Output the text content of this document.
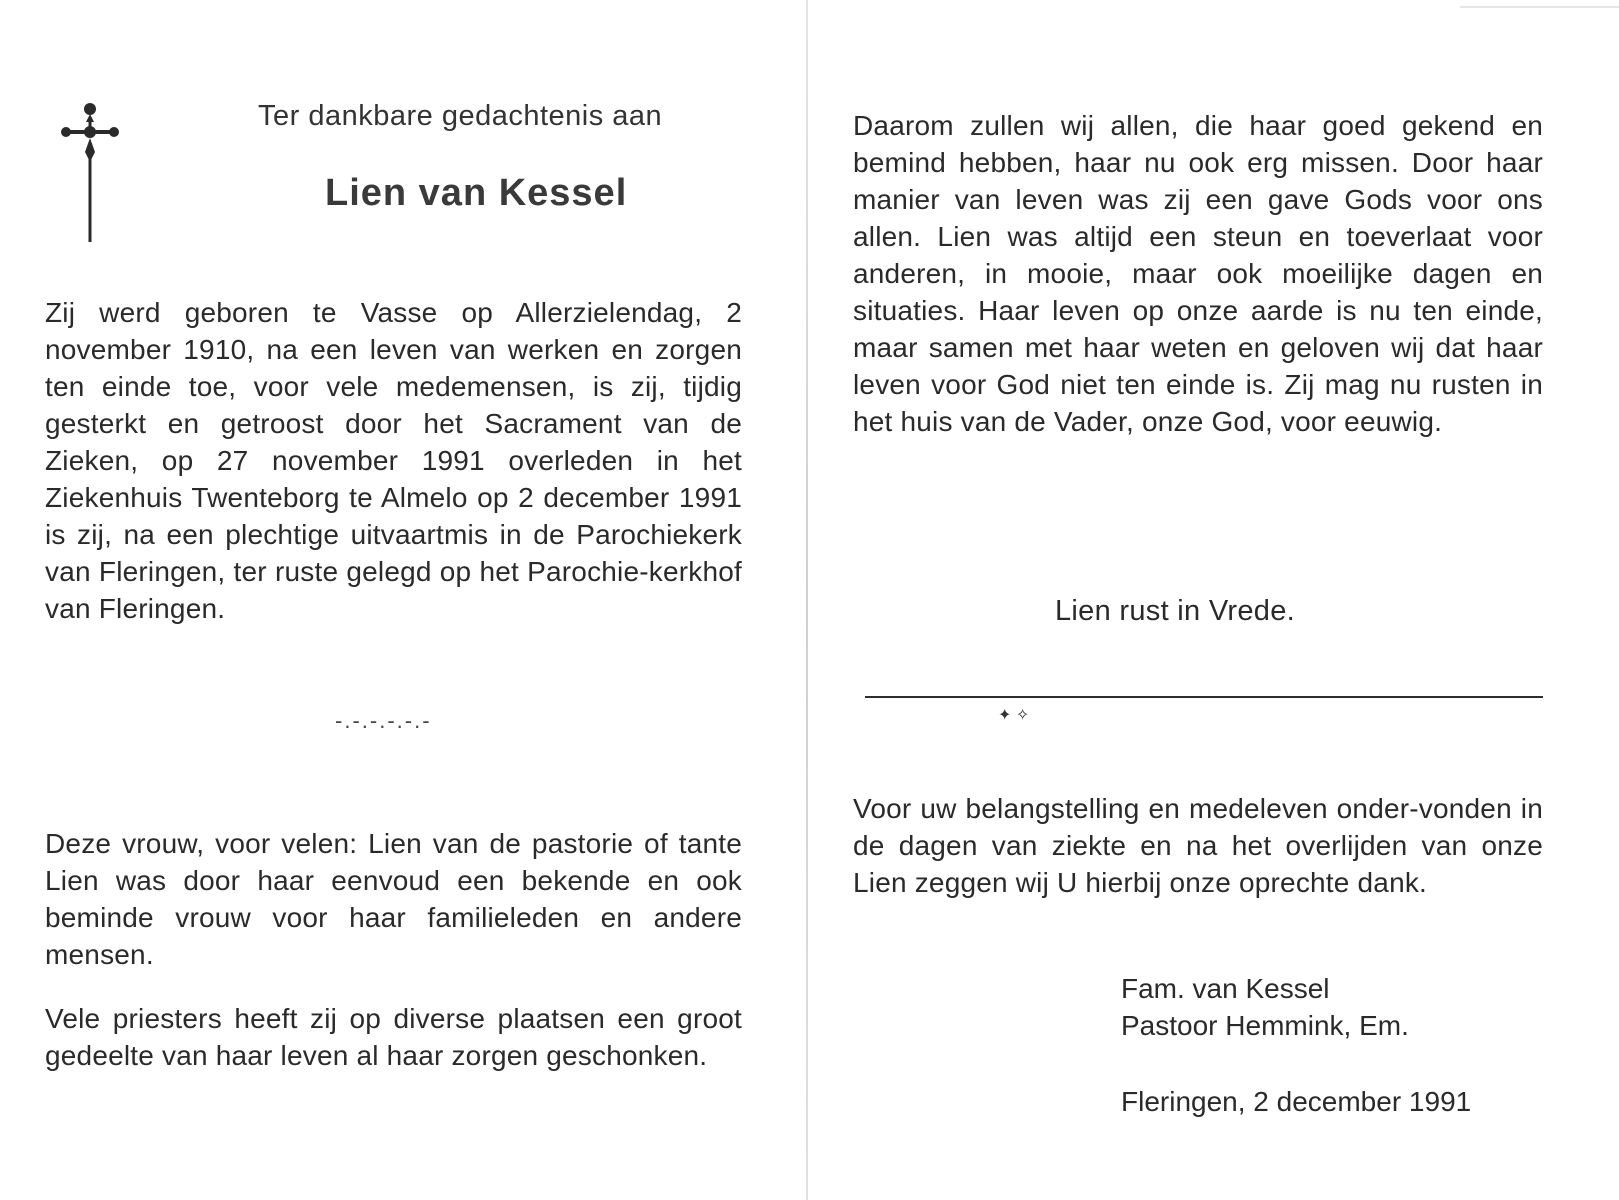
Ter dankbare gedachtenis aan

Lien van Kessel

Zij werd geboren te Vasse op Allerzielendag, 2 november 1910, na een leven van werken en zorgen ten einde toe, voor vele medemensen, is zij, tijdig gesterkt en getroost door het Sacrament van de Zieken, op 27 november 1991 overleden in het Ziekenhuis Twenteborg te Almelo op 2 december 1991 is zij, na een plechtige uitvaartmis in de Parochiekerk van Fleringen, ter ruste gelegd op het Parochie-kerkhof van Fleringen.

-.-.-.-.-.-

Deze vrouw, voor velen: Lien van de pastorie of tante Lien was door haar eenvoud een bekende en ook beminde vrouw voor haar familieleden en andere mensen.

Vele priesters heeft zij op diverse plaatsen een groot gedeelte van haar leven al haar zorgen geschonken.

Daarom zullen wij allen, die haar goed gekend en bemind hebben, haar nu ook erg missen. Door haar manier van leven was zij een gave Gods voor ons allen. Lien was altijd een steun en toeverlaat voor anderen, in mooie, maar ook moeilijke dagen en situaties. Haar leven op onze aarde is nu ten einde, maar samen met haar weten en geloven wij dat haar leven voor God niet ten einde is. Zij mag nu rusten in het huis van de Vader, onze God, voor eeuwig.

Lien rust in Vrede.

✦ ✧

Voor uw belangstelling en medeleven onder-vonden in de dagen van ziekte en na het overlijden van onze Lien zeggen wij U hierbij onze oprechte dank.

Fam. van Kessel
Pastoor Hemmink, Em.

Fleringen, 2 december 1991
